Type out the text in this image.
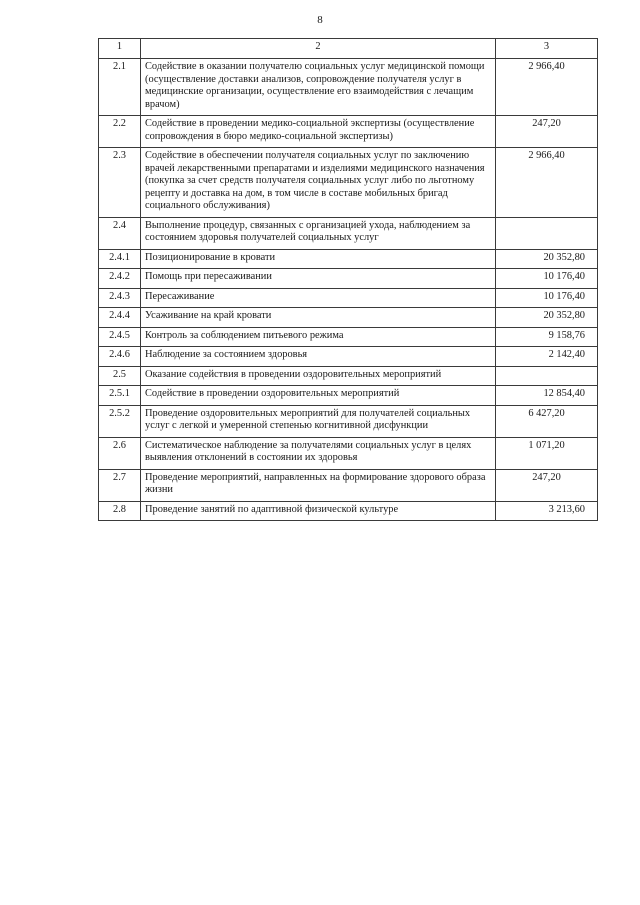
8
1	2	3
2.1	Содействие в оказании получателю социальных услуг медицинской помощи (осуществление доставки анализов, сопровождение получателя услуг в медицинские организации, осуществление его взаимодействия с лечащим врачом)	2 966,40
2.2	Содействие в проведении медико-социальной экспертизы (осуществление сопровождения в бюро медико-социальной экспертизы)	247,20
2.3	Содействие в обеспечении получателя социальных услуг по заключению врачей лекарственными препаратами и изделиями медицинского назначения (покупка за счет средств получателя социальных услуг либо по льготному рецепту и доставка на дом, в том числе в составе мобильных бригад социального обслуживания)	2 966,40
2.4	Выполнение процедур, связанных с организацией ухода, наблюдением за состоянием здоровья получателей социальных услуг	
2.4.1	Позиционирование в кровати	20 352,80
2.4.2	Помощь при пересаживании	10 176,40
2.4.3	Пересаживание	10 176,40
2.4.4	Усаживание на край кровати	20 352,80
2.4.5	Контроль за соблюдением питьевого режима	9 158,76
2.4.6	Наблюдение за состоянием здоровья	2 142,40
2.5	Оказание содействия в проведении оздоровительных мероприятий	
2.5.1	Содействие в проведении оздоровительных мероприятий	12 854,40
2.5.2	Проведение оздоровительных мероприятий для получателей социальных услуг с легкой и умеренной степенью когнитивной дисфункции	6 427,20
2.6	Систематическое наблюдение за получателями социальных услуг в целях выявления отклонений в состоянии их здоровья	1 071,20
2.7	Проведение мероприятий, направленных на формирование здорового образа жизни	247,20
2.8	Проведение занятий по адаптивной физической культуре	3 213,60
